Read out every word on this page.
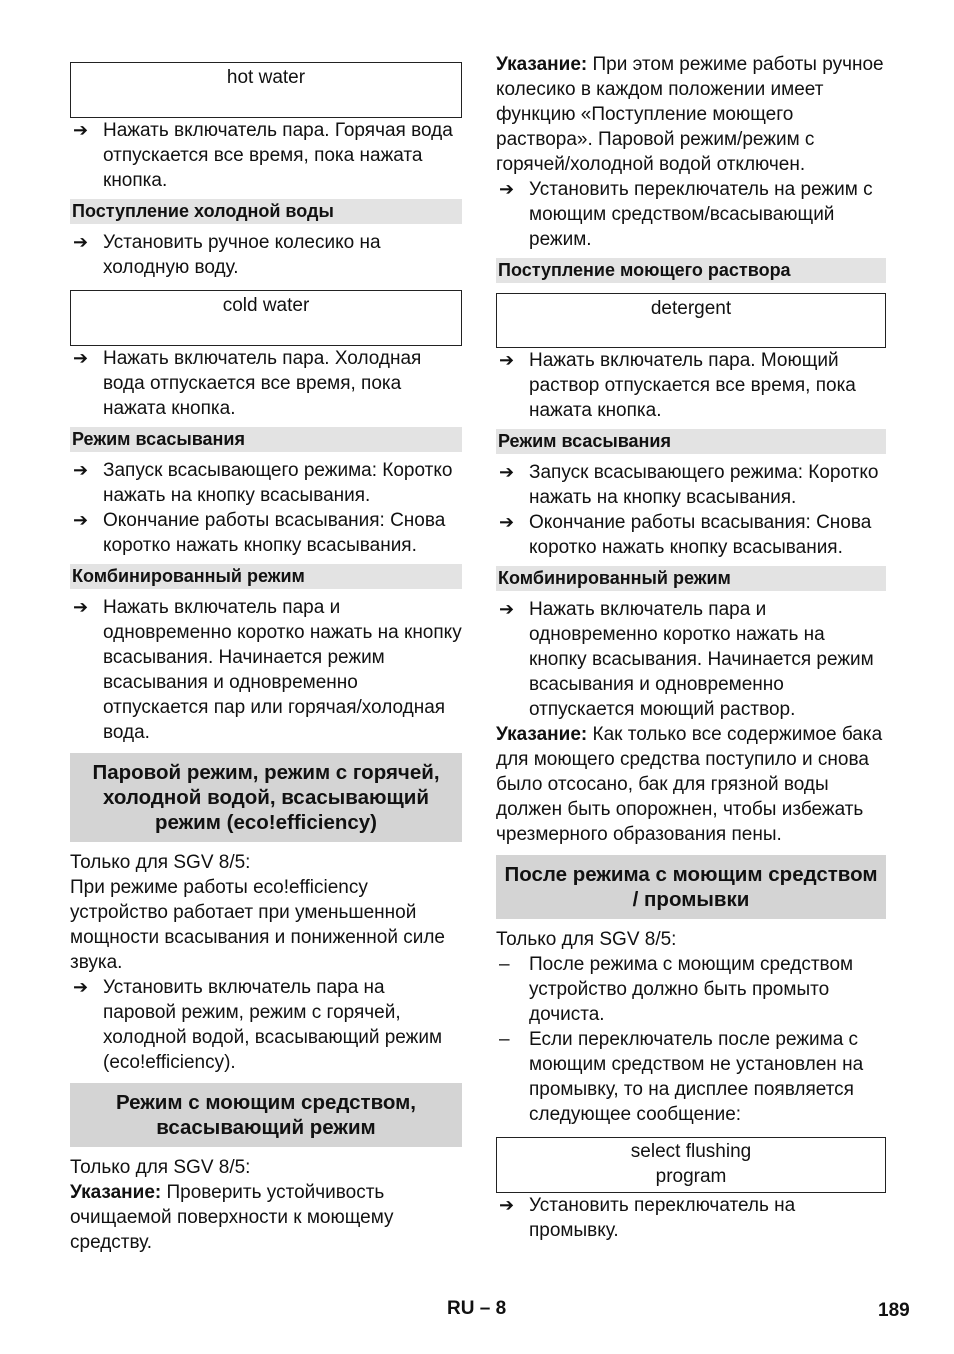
hot water
➔ Нажать включатель пара. Горячая вода отпускается все время, пока нажата кнопка.

Поступление холодной воды
➔ Установить ручное колесико на холодную воду.

cold water
➔ Нажать включатель пара. Холодная вода отпускается все время, пока нажата кнопка.

Режим всасывания
➔ Запуск всасывающего режима: Коротко нажать на кнопку всасывания.

➔ Окончание работы всасывания: Снова коротко нажать кнопку всасывания.

Комбинированный режим
➔ Нажать включатель пара и одновременно коротко нажать на кнопку всасывания. Начинается режим всасывания и одновременно отпускается пар или горячая/холодная вода.

Паровой режим, режим с горячей, холодной водой, всасывающий режим (eco!efficiency)

Только для SGV 8/5:

При режиме работы eco!efficiency устройство работает при уменьшенной мощности всасывания и пониженной силе звука.

➔ Установить включатель пара на паровой режим, режим с горячей, холодной водой, всасывающий режим (eco!efficiency).

Режим с моющим средством, всасывающий режим

Только для SGV 8/5:

Указание: Проверить устойчивость очищаемой поверхности к моющему средству.

Указание: При этом режиме работы ручное колесико в каждом положении имеет функцию «Поступление моющего раствора». Паровой режим/режим с горячей/холодной водой отключен.

➔ Установить переключатель на режим с моющим средством/всасывающий режим.

Поступление моющего раствора
detergent
➔ Нажать включатель пара. Моющий раствор отпускается все время, пока нажата кнопка.

Режим всасывания
➔ Запуск всасывающего режима: Коротко нажать на кнопку всасывания.

➔ Окончание работы всасывания: Снова коротко нажать кнопку всасывания.

Комбинированный режим
➔ Нажать включатель пара и одновременно коротко нажать на кнопку всасывания. Начинается режим всасывания и одновременно отпускается моющий раствор.

Указание: Как только все содержимое бака для моющего средства поступило и снова было отсосано, бак для грязной воды должен быть опорожнен, чтобы избежать чрезмерного образования пены.

После режима с моющим средством / промывки

Только для SGV 8/5:

– После режима с моющим средством устройство должно быть промыто дочиста.

– Если переключатель после режима с моющим средством не установлен на промывку, то на дисплее появляется следующее сообщение:

select flushing
program
➔ Установить переключатель на промывку.

RU – 8	189
